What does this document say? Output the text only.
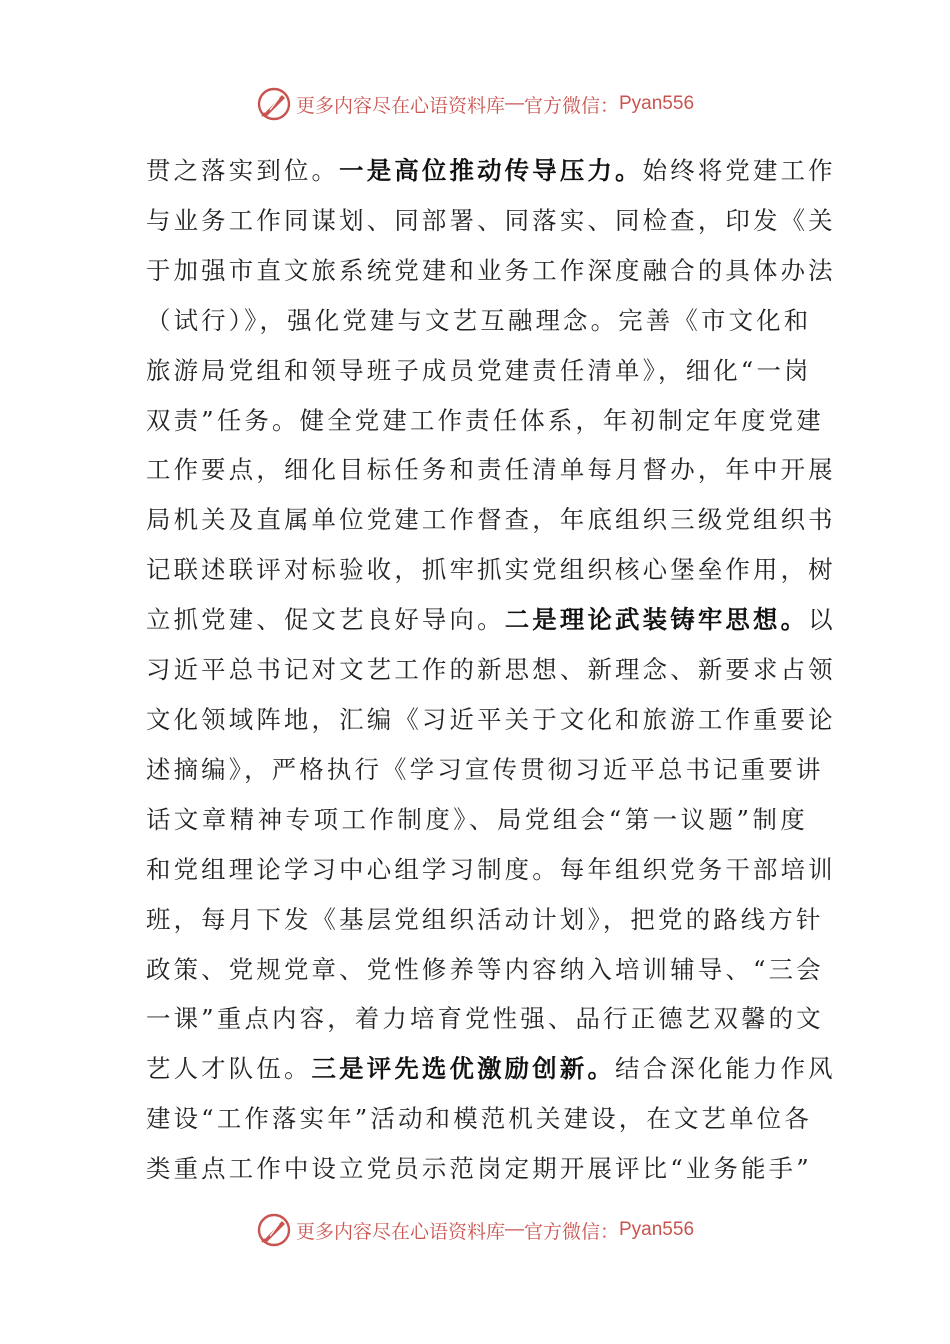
更多内容尽在心语资料库 — 官方微信： Pyan556
贯之落实到位。一是高位推动传导压力。始终将党建工作
与业务工作同谋划、同部署、同落实、同检查，印发《关
于加强市直文旅系统党建和业务工作深度融合的具体办法
（试行）》，强化党建与文艺互融理念。完善《市文化和
旅游局党组和领导班子成员党建责任清单》，细化“一岗
双责”任务。健全党建工作责任体系，年初制定年度党建
工作要点，细化目标任务和责任清单每月督办，年中开展
局机关及直属单位党建工作督查，年底组织三级党组织书
记联述联评对标验收，抓牢抓实党组织核心堡垒作用，树
立抓党建、促文艺良好导向。二是理论武装铸牢思想。以
习近平总书记对文艺工作的新思想、新理念、新要求占领
文化领域阵地，汇编《习近平关于文化和旅游工作重要论
述摘编》，严格执行《学习宣传贯彻习近平总书记重要讲
话文章精神专项工作制度》、局党组会“第一议题”制度
和党组理论学习中心组学习制度。每年组织党务干部培训
班，每月下发《基层党组织活动计划》，把党的路线方针
政策、党规党章、党性修养等内容纳入培训辅导、“三会
一课”重点内容，着力培育党性强、品行正德艺双馨的文
艺人才队伍。三是评先选优激励创新。结合深化能力作风
建设“工作落实年”活动和模范机关建设，在文艺单位各
类重点工作中设立党员示范岗定期开展评比“业务能手”
更多内容尽在心语资料库 — 官方微信： Pyan556
